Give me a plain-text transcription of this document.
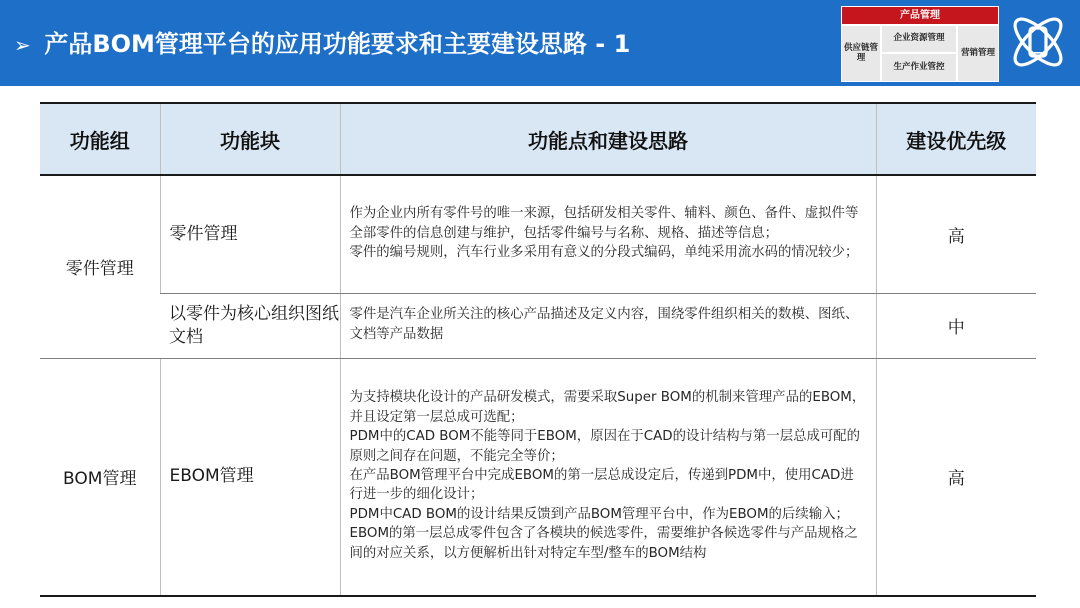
➢ 产品BOM管理平台的应用功能要求和主要建设思路 - 1
产品管理
供应链管理
企业资源管理
营销管理
生产作业管控
功能组	功能块	功能点和建设思路	建设优先级
零件管理	零件管理	作为企业内所有零件号的唯一来源，包括研发相关零件、辅料、颜色、备件、虚拟件等全部零件的信息创建与维护，包括零件编号与名称、规格、描述等信息；
零件的编号规则，汽车行业多采用有意义的分段式编码，单纯采用流水码的情况较少；	高
	以零件为核心组织图纸文档	零件是汽车企业所关注的核心产品描述及定义内容，围绕零件组织相关的数模、图纸、文档等产品数据	中
BOM管理	EBOM管理	为支持模块化设计的产品研发模式，需要采取Super BOM的机制来管理产品的EBOM，并且设定第一层总成可选配；
PDM中的CAD BOM不能等同于EBOM，原因在于CAD的设计结构与第一层总成可配的原则之间存在问题，不能完全等价；
在产品BOM管理平台中完成EBOM的第一层总成设定后，传递到PDM中，使用CAD进行进一步的细化设计；
PDM中CAD BOM的设计结果反馈到产品BOM管理平台中，作为EBOM的后续输入；
EBOM的第一层总成零件包含了各模块的候选零件，需要维护各候选零件与产品规格之间的对应关系，以方便解析出针对特定车型/整车的BOM结构	高
